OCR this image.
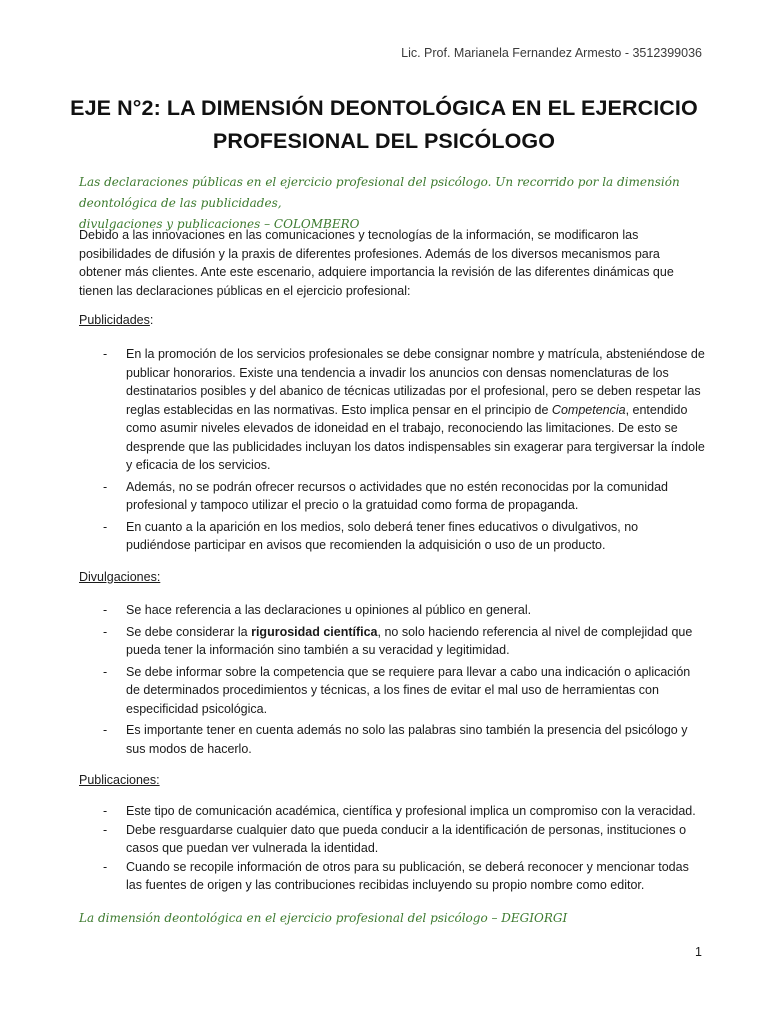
Lic. Prof. Marianela Fernandez Armesto - 3512399036
EJE N°2: LA DIMENSIÓN DEONTOLÓGICA EN EL EJERCICIO
PROFESIONAL DEL PSICÓLOGO
Las declaraciones públicas en el ejercicio profesional del psicólogo. Un recorrido por la dimensión deontológica de las publicidades,
divulgaciones y publicaciones – COLOMBERO
Debido a las innovaciones en las comunicaciones y tecnologías de la información, se modificaron las posibilidades de difusión y la praxis de diferentes profesiones. Además de los diversos mecanismos para obtener más clientes. Ante este escenario, adquiere importancia la revisión de las diferentes dinámicas que tienen las declaraciones públicas en el ejercicio profesional:
Publicidades:
- En la promoción de los servicios profesionales se debe consignar nombre y matrícula, absteniéndose de publicar honorarios. Existe una tendencia a invadir los anuncios con densas nomenclaturas de los destinatarios posibles y del abanico de técnicas utilizadas por el profesional, pero se deben respetar las reglas establecidas en las normativas. Esto implica pensar en el principio de Competencia, entendido como asumir niveles elevados de idoneidad en el trabajo, reconociendo las limitaciones. De esto se desprende que las publicidades incluyan los datos indispensables sin exagerar para tergiversar la índole y eficacia de los servicios.
- Además, no se podrán ofrecer recursos o actividades que no estén reconocidas por la comunidad profesional y tampoco utilizar el precio o la gratuidad como forma de propaganda.
- En cuanto a la aparición en los medios, solo deberá tener fines educativos o divulgativos, no pudiéndose participar en avisos que recomienden la adquisición o uso de un producto.
Divulgaciones:
- Se hace referencia a las declaraciones u opiniones al público en general.
- Se debe considerar la rigurosidad científica, no solo haciendo referencia al nivel de complejidad que pueda tener la información sino también a su veracidad y legitimidad.
- Se debe informar sobre la competencia que se requiere para llevar a cabo una indicación o aplicación de determinados procedimientos y técnicas, a los fines de evitar el mal uso de herramientas con especificidad psicológica.
- Es importante tener en cuenta además no solo las palabras sino también la presencia del psicólogo y sus modos de hacerlo.
Publicaciones:
- Este tipo de comunicación académica, científica y profesional implica un compromiso con la veracidad.
- Debe resguardarse cualquier dato que pueda conducir a la identificación de personas, instituciones o casos que puedan ver vulnerada la identidad.
- Cuando se recopile información de otros para su publicación, se deberá reconocer y mencionar todas las fuentes de origen y las contribuciones recibidas incluyendo su propio nombre como editor.
La dimensión deontológica en el ejercicio profesional del psicólogo – DEGIORGI
1
